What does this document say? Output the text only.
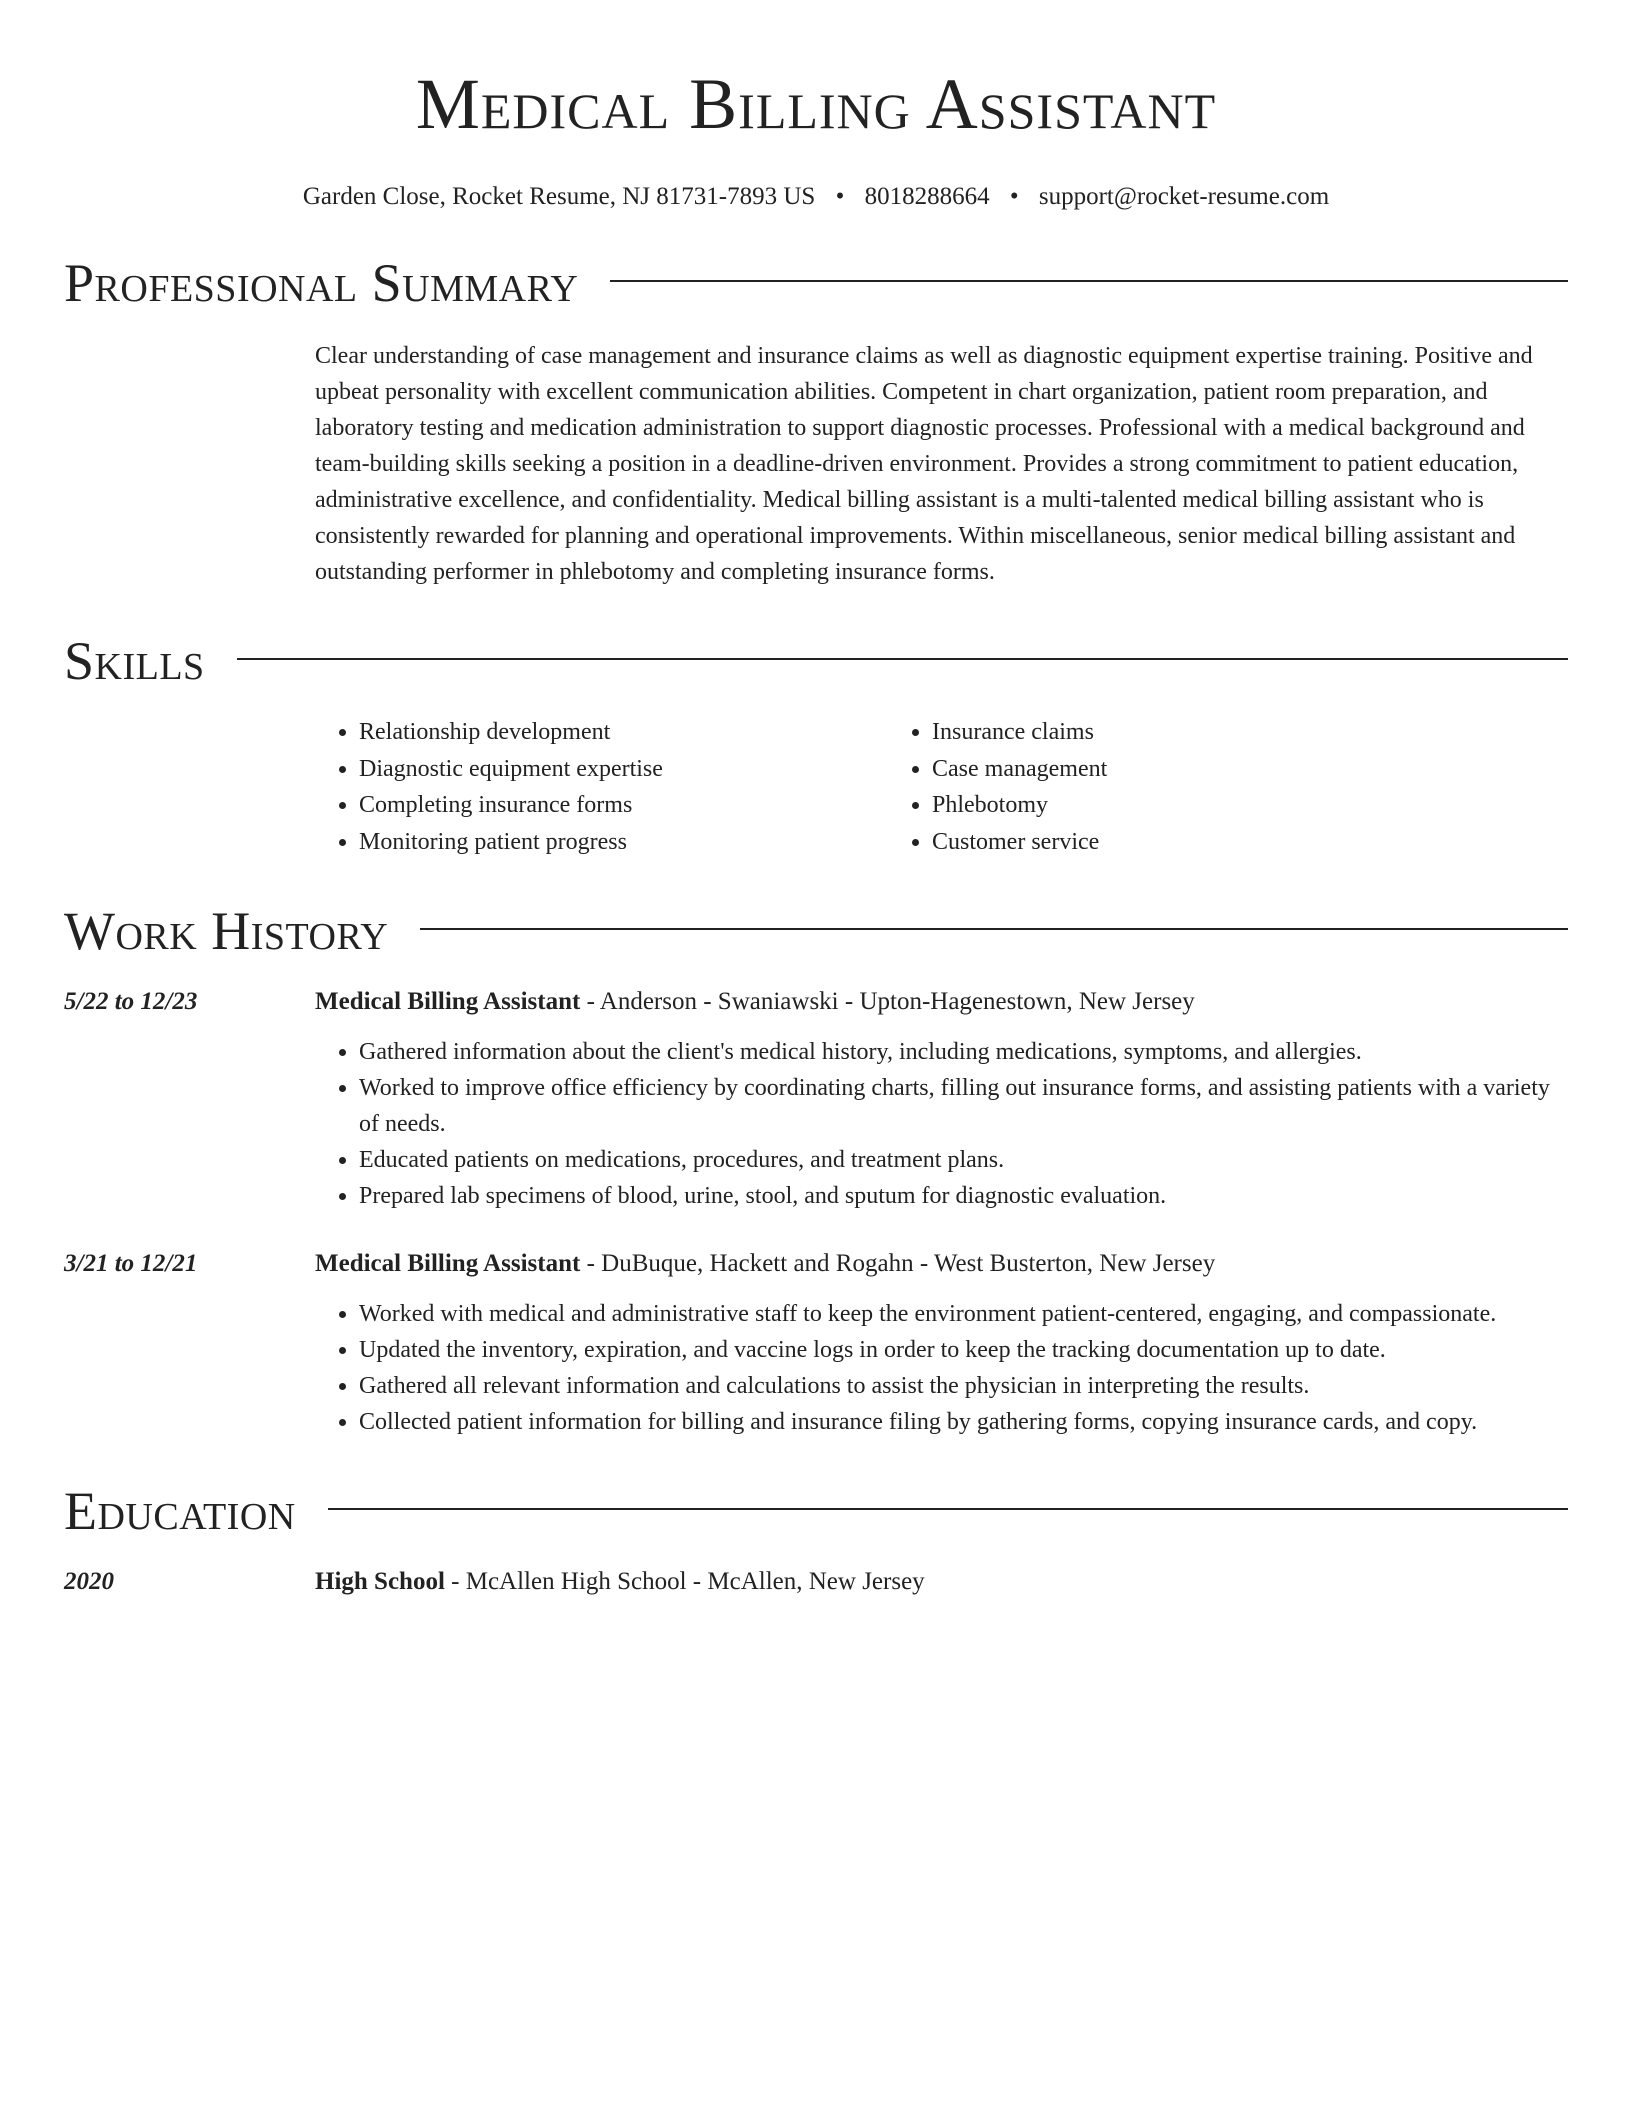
Medical Billing Assistant
Garden Close, Rocket Resume, NJ 81731-7893 US • 8018288664 • support@rocket-resume.com
Professional Summary

Clear understanding of case management and insurance claims as well as diagnostic equipment expertise training. Positive and upbeat personality with excellent communication abilities. Competent in chart organization, patient room preparation, and laboratory testing and medication administration to support diagnostic processes. Professional with a medical background and team-building skills seeking a position in a deadline-driven environment. Provides a strong commitment to patient education, administrative excellence, and confidentiality. Medical billing assistant is a multi-talented medical billing assistant who is consistently rewarded for planning and operational improvements. Within miscellaneous, senior medical billing assistant and outstanding performer in phlebotomy and completing insurance forms.

Skills
• Relationship development
• Diagnostic equipment expertise
• Completing insurance forms
• Monitoring patient progress
• Insurance claims
• Case management
• Phlebotomy
• Customer service
Work History
5/22 to 12/23	Medical Billing Assistant - Anderson - Swaniawski - Upton-Hagenestown, New Jersey
• Gathered information about the client's medical history, including medications, symptoms, and allergies.
• Worked to improve office efficiency by coordinating charts, filling out insurance forms, and assisting patients with a variety of needs.
• Educated patients on medications, procedures, and treatment plans.
• Prepared lab specimens of blood, urine, stool, and sputum for diagnostic evaluation.
3/21 to 12/21	Medical Billing Assistant - DuBuque, Hackett and Rogahn - West Busterton, New Jersey
• Worked with medical and administrative staff to keep the environment patient-centered, engaging, and compassionate.
• Updated the inventory, expiration, and vaccine logs in order to keep the tracking documentation up to date.
• Gathered all relevant information and calculations to assist the physician in interpreting the results.
• Collected patient information for billing and insurance filing by gathering forms, copying insurance cards, and copy.
Education
2020	High School - McAllen High School - McAllen, New Jersey
